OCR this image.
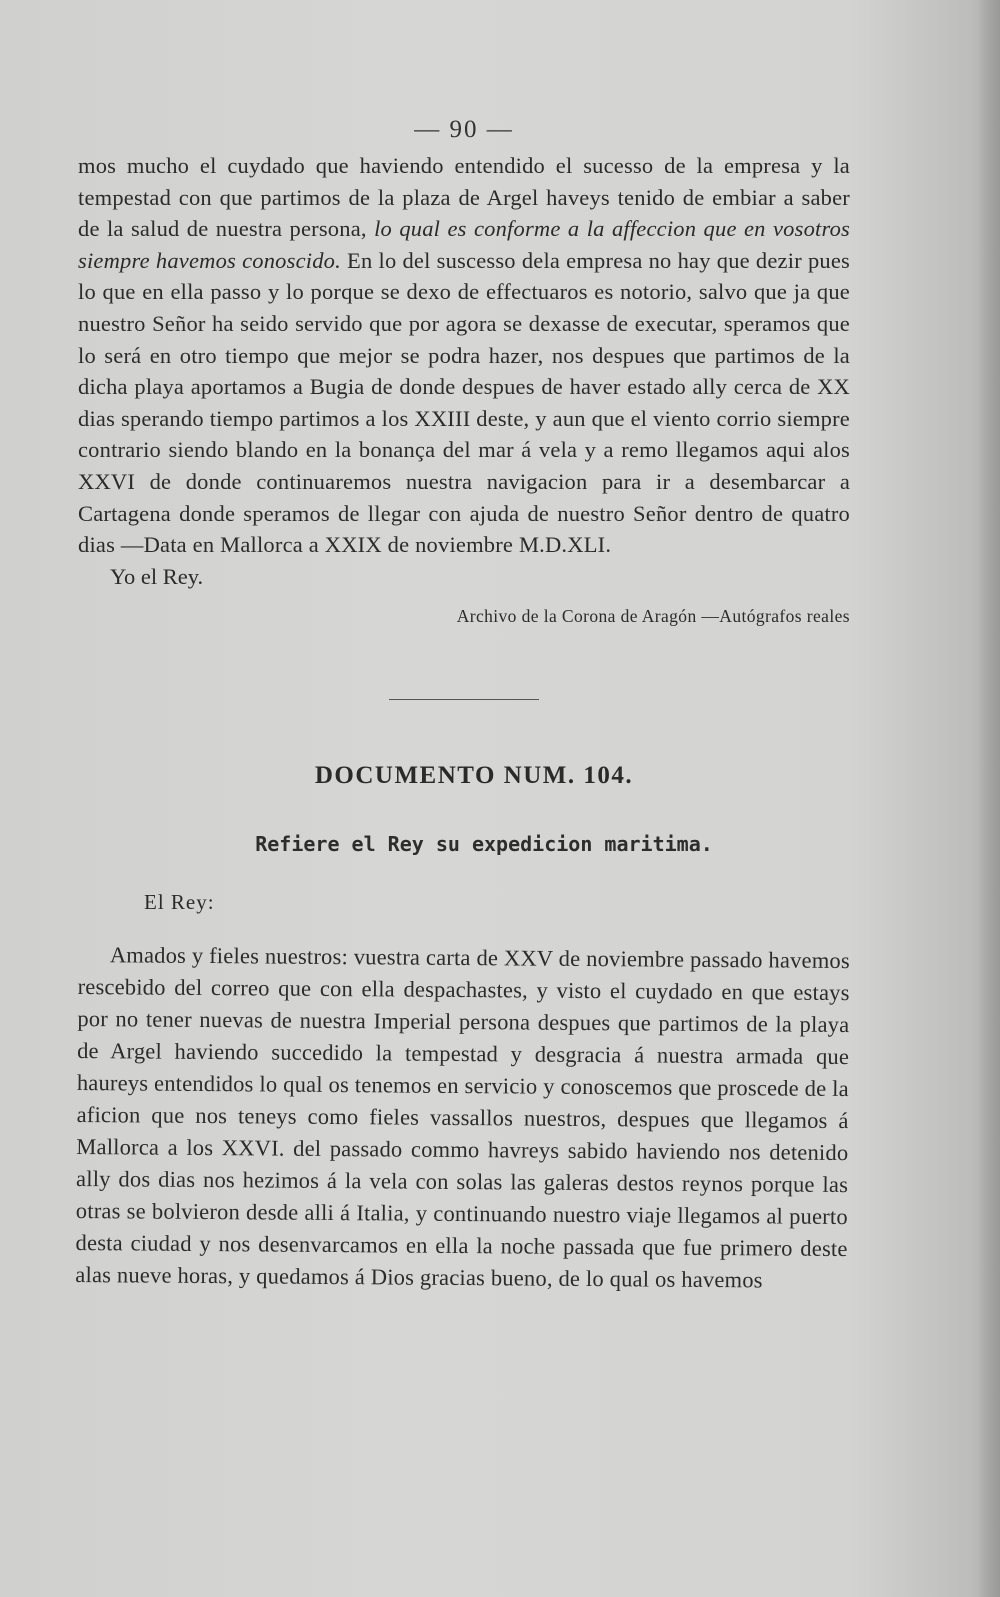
— 90 —

mos mucho el cuydado que haviendo entendido el sucesso de la empresa y la tempestad con que partimos de la plaza de Argel haveys tenido de embiar a saber de la salud de nuestra persona, lo qual es conforme a la affeccion que en vosotros siempre havemos conoscido. En lo del suscesso dela empresa no hay que dezir pues lo que en ella passo y lo porque se dexo de effectuaros es notorio, salvo que ja que nuestro Señor ha seido servido que por agora se dexasse de executar, speramos que lo será en otro tiempo que mejor se podra hazer, nos despues que partimos de la dicha playa aportamos a Bugia de donde despues de haver estado ally cerca de XX dias sperando tiempo partimos a los XXIII deste, y aun que el viento corrio siempre contrario siendo blando en la bonança del mar á vela y a remo llegamos aqui alos XXVI de donde continuaremos nuestra navigacion para ir a desembarcar a Cartagena donde speramos de llegar con ajuda de nuestro Señor dentro de quatro dias —Data en Mallorca a XXIX de noviembre M.D.XLI.

Yo el Rey.

Archivo de la Corona de Aragón —Autógrafos reales

DOCUMENTO NUM. 104.
Refiere el Rey su expedicion maritima.

El Rey:

Amados y fieles nuestros: vuestra carta de XXV de noviembre passado havemos rescebido del correo que con ella despachastes, y visto el cuydado en que estays por no tener nuevas de nuestra Imperial persona despues que partimos de la playa de Argel haviendo succedido la tempestad y desgracia á nuestra armada que haureys entendidos lo qual os tenemos en servicio y conoscemos que proscede de la aficion que nos teneys como fieles vassallos nuestros, despues que llegamos á Mallorca a los XXVI. del passado commo havreys sabido haviendo nos detenido ally dos dias nos hezimos á la vela con solas las galeras destos reynos porque las otras se bolvieron desde alli á Italia, y continuando nuestro viaje llegamos al puerto desta ciudad y nos desenvarcamos en ella la noche passada que fue primero deste alas nueve horas, y quedamos á Dios gracias bueno, de lo qual os havemos
